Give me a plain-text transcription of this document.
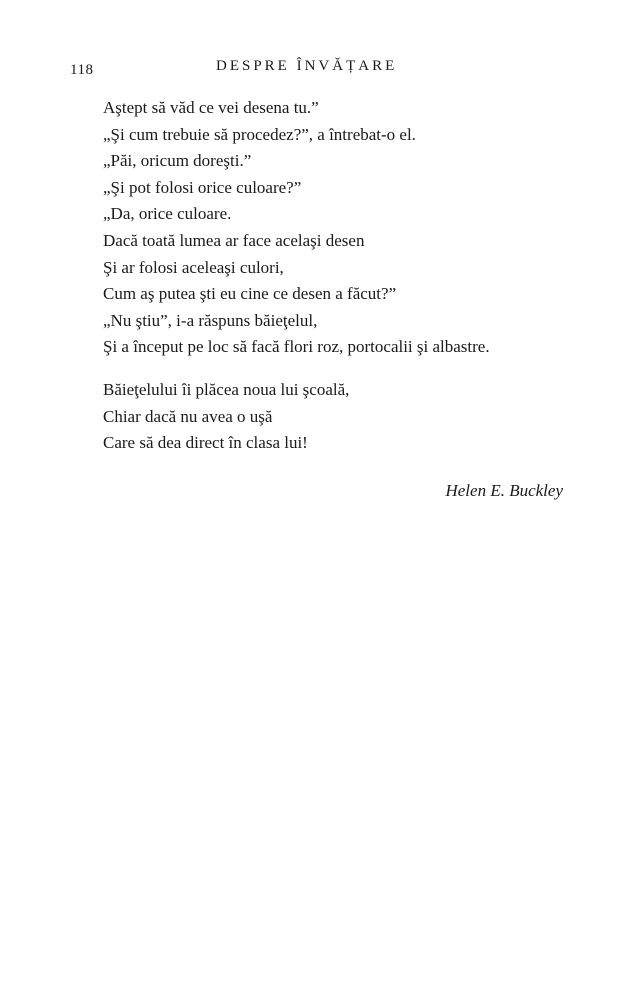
118	DESPRE ÎNVĂȚARE
Aştept să văd ce vei desena tu.”
„Şi cum trebuie să procedez?”, a întrebat-o el.
„Păi, oricum doreşti.”
„Şi pot folosi orice culoare?”
„Da, orice culoare.
Dacă toată lumea ar face acelaşi desen
Şi ar folosi aceleaşi culori,
Cum aş putea şti eu cine ce desen a făcut?”
„Nu ştiu”, i-a răspuns băieţelul,
Şi a început pe loc să facă flori roz, portocalii şi albastre.
Băieţelului îi plăcea noua lui şcoală,
Chiar dacă nu avea o uşă
Care să dea direct în clasa lui!
Helen E. Buckley
